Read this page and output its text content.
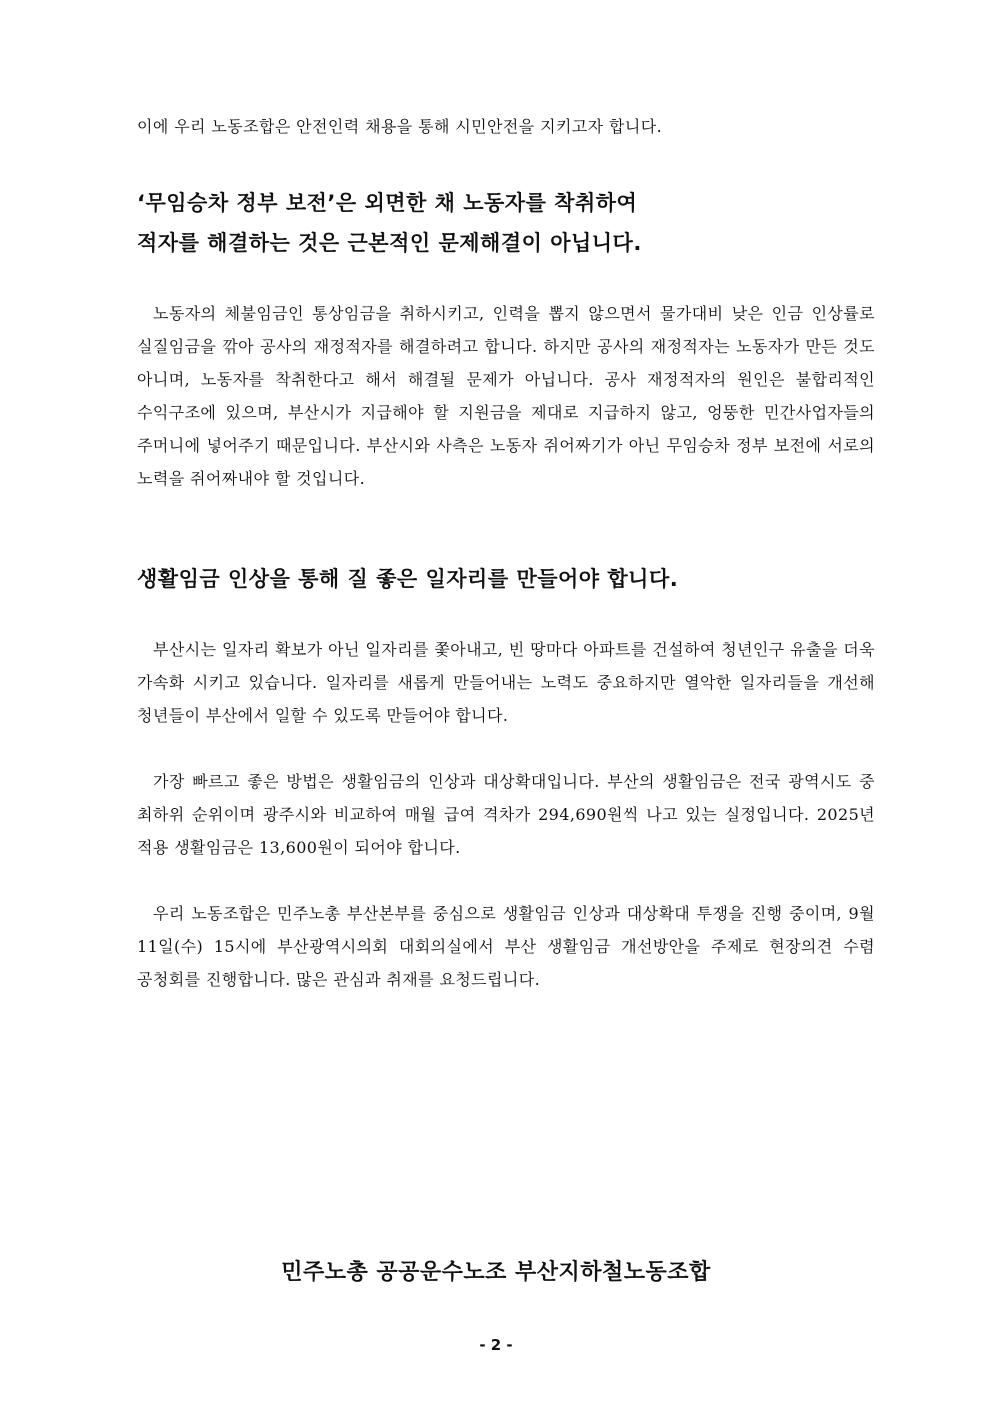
이에 우리 노동조합은 안전인력 채용을 통해 시민안전을 지키고자 합니다.

‘무임승차 정부 보전’은 외면한 채 노동자를 착취하여
적자를 해결하는 것은 근본적인 문제해결이 아닙니다.

노동자의 체불임금인 통상임금을 취하시키고, 인력을 뽑지 않으면서 물가대비 낮은 인금 인상률로 실질임금을 깎아 공사의 재정적자를 해결하려고 합니다. 하지만 공사의 재정적자는 노동자가 만든 것도 아니며, 노동자를 착취한다고 해서 해결될 문제가 아닙니다. 공사 재정적자의 원인은 불합리적인 수익구조에 있으며, 부산시가 지급해야 할 지원금을 제대로 지급하지 않고, 엉뚱한 민간사업자들의 주머니에 넣어주기 때문입니다. 부산시와 사측은 노동자 쥐어짜기가 아닌 무임승차 정부 보전에 서로의 노력을 쥐어짜내야 할 것입니다.

생활임금 인상을 통해 질 좋은 일자리를 만들어야 합니다.

부산시는 일자리 확보가 아닌 일자리를 쫓아내고, 빈 땅마다 아파트를 건설하여 청년인구 유출을 더욱 가속화 시키고 있습니다. 일자리를 새롭게 만들어내는 노력도 중요하지만 열악한 일자리들을 개선해 청년들이 부산에서 일할 수 있도록 만들어야 합니다.

가장 빠르고 좋은 방법은 생활임금의 인상과 대상확대입니다. 부산의 생활임금은 전국 광역시도 중 최하위 순위이며 광주시와 비교하여 매월 급여 격차가 294,690원씩 나고 있는 실정입니다. 2025년 적용 생활임금은 13,600원이 되어야 합니다.

우리 노동조합은 민주노총 부산본부를 중심으로 생활임금 인상과 대상확대 투쟁을 진행 중이며, 9월 11일(수) 15시에 부산광역시의회 대회의실에서 부산 생활임금 개선방안을 주제로 현장의견 수렴 공청회를 진행합니다. 많은 관심과 취재를 요청드립니다.

민주노총 공공운수노조 부산지하철노동조합

- 2 -
